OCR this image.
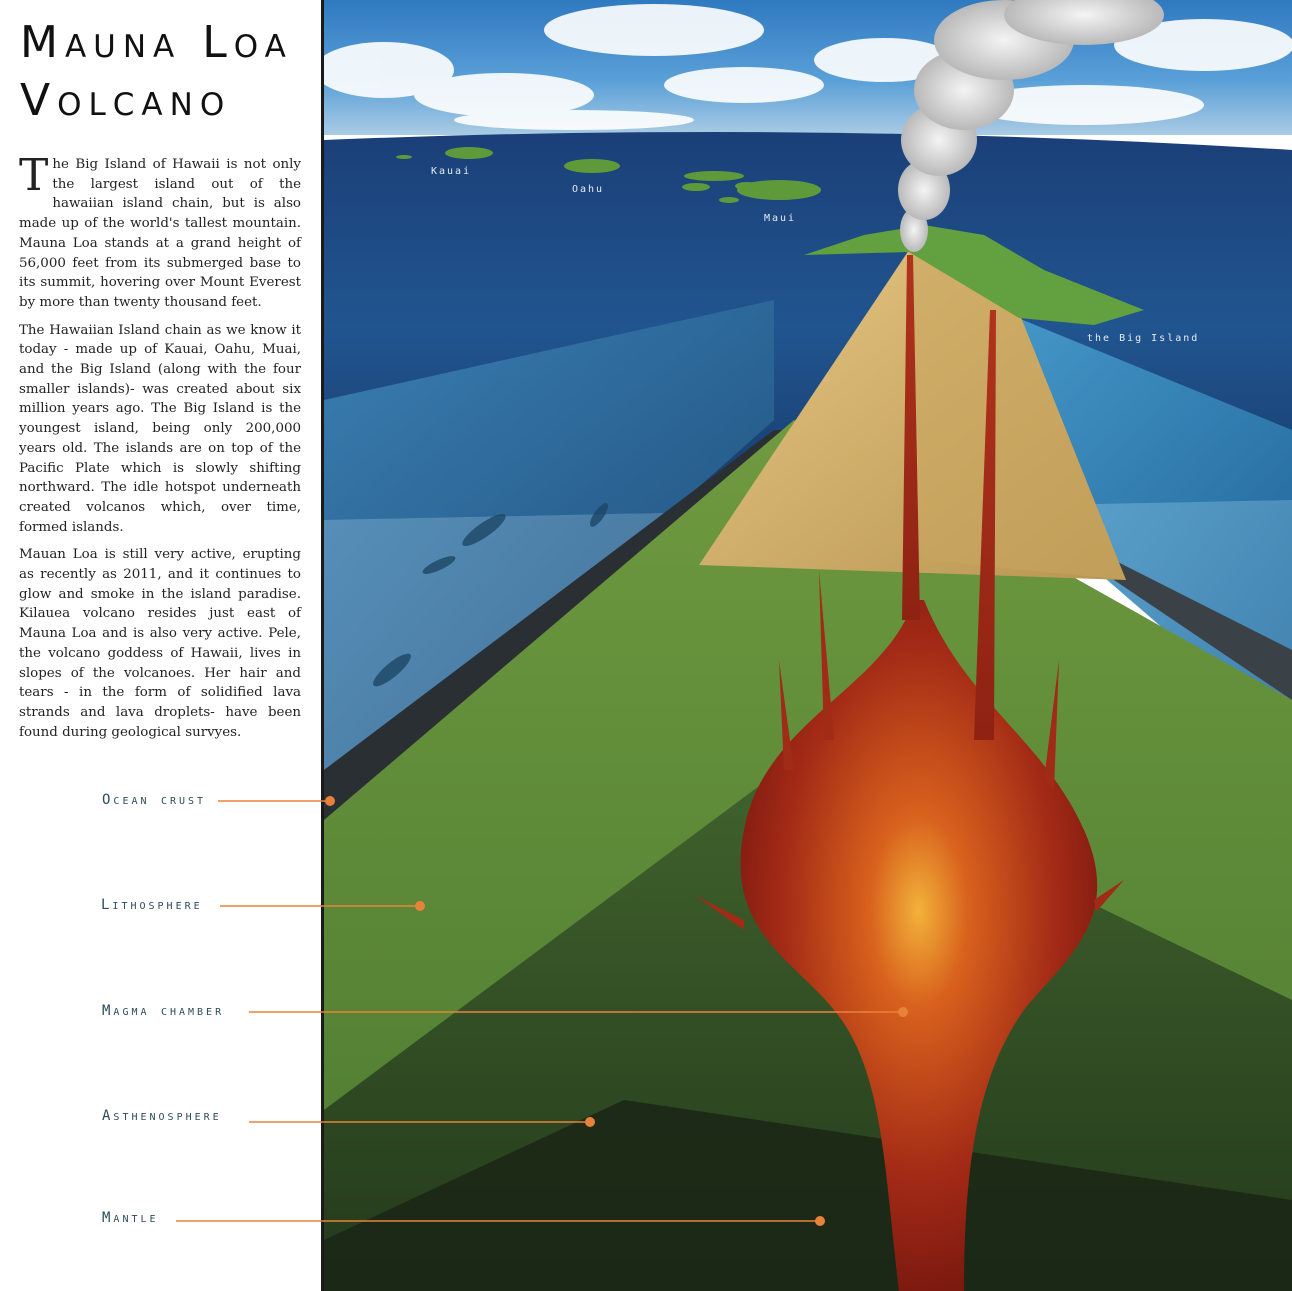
Mauna Loa
Volcano

The Big Island of Hawaii is not only the largest island out of the hawaiian island chain, but is also made up of the world's tallest mountain. Mauna Loa stands at a grand height of 56,000 feet from its submerged base to its summit, hovering over Mount Everest by more than twenty thousand feet.

The Hawaiian Island chain as we know it today - made up of Kauai, Oahu, Muai, and the Big Island (along with the four smaller islands)- was created about six million years ago. The Big Island is the youngest island, being only 200,000 years old. The islands are on top of the Pacific Plate which is slowly shifting northward. The idle hotspot underneath created volcanos which, over time, formed islands.

Mauan Loa is still very active, erupting as recently as 2011, and it continues to glow and smoke in the island paradise. Kilauea volcano resides just east of Mauna Loa and is also very active. Pele, the volcano goddess of Hawaii, lives in slopes of the volcanoes. Her hair and tears - in the form of solidified lava strands and lava droplets- have been found during geological survyes.

Kauai
Oahu
Maui
the Big Island
Ocean crust
Lithosphere
Magma chamber
Asthenosphere
Mantle
